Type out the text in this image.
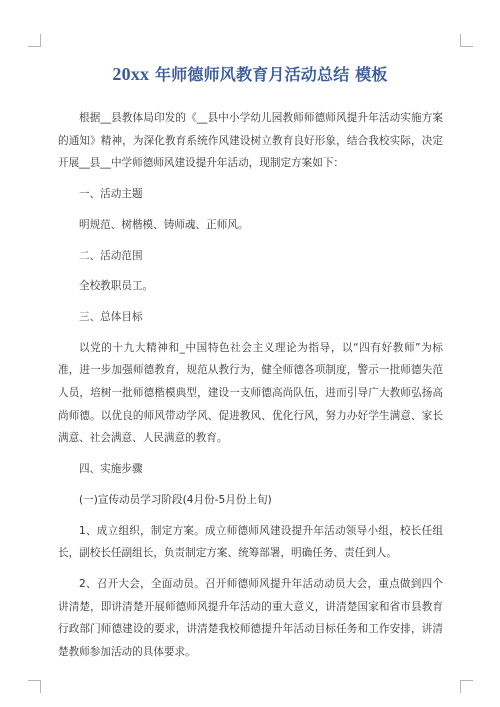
20xx 年师德师风教育月活动总结 模板

根据__县教体局印发的《__县中小学幼儿园教师师德师风提升年活动实施方案的通知》精神，为深化教育系统作风建设树立教育良好形象，结合我校实际，决定开展__县__中学师德师风建设提升年活动，现制定方案如下：

一、活动主题

明规范、树楷模、铸师魂、正师风。

二、活动范围

全校教职员工。

三、总体目标

以党的十九大精神和_中国特色社会主义理论为指导，以“四有好教师”为标准，进一步加强师德教育，规范从教行为，健全师德各项制度，警示一批师德失范人员，培树一批师德楷模典型，建设一支师德高尚队伍，进而引导广大教师弘扬高尚师德。以优良的师风带动学风、促进教风、优化行风，努力办好学生满意、家长满意、社会满意、人民满意的教育。

四、实施步骤

(一)宣传动员学习阶段(4月份-5月份上旬)

1、成立组织，制定方案。成立师德师风建设提升年活动领导小组，校长任组长，副校长任副组长，负责制定方案、统筹部署，明确任务、责任到人。

2、召开大会，全面动员。召开师德师风提升年活动动员大会，重点做到四个讲清楚，即讲清楚开展师德师风提升年活动的重大意义，讲清楚国家和省市县教育行政部门师德建设的要求，讲清楚我校师德提升年活动目标任务和工作安排，讲清楚教师参加活动的具体要求。
